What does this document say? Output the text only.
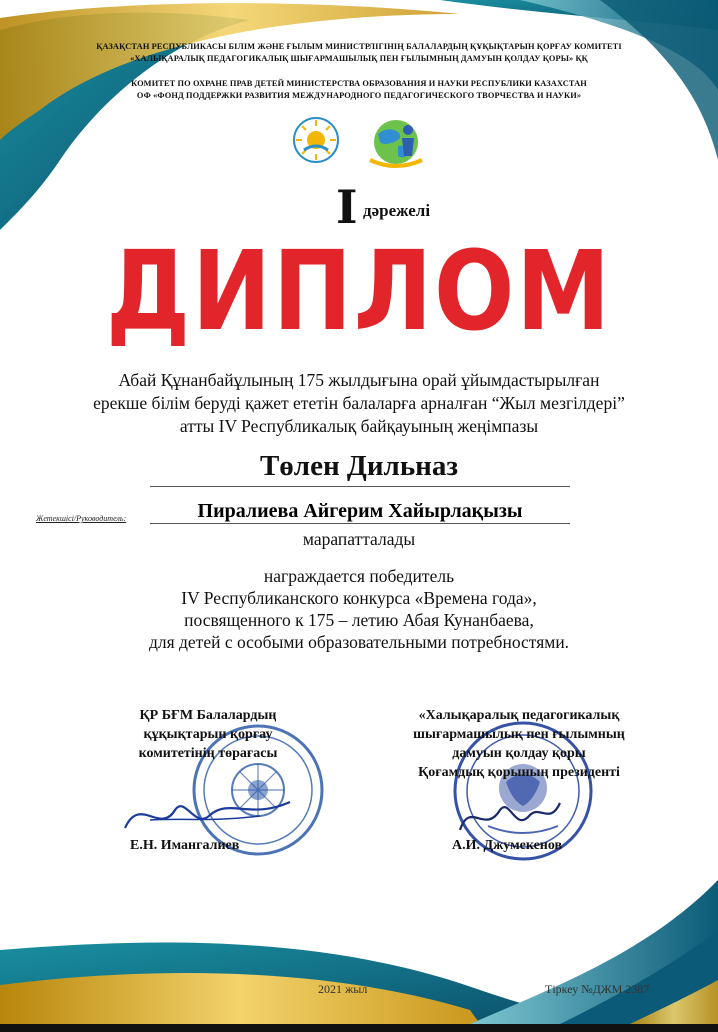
ҚАЗАҚСТАН РЕСПУБЛИКАСЫ БІЛІМ ЖӘНЕ ҒЫЛЫМ МИНИСТРЛІГІНІҢ БАЛАЛАРДЫҢ ҚҰҚЫҚТАРЫН ҚОРҒАУ КОМИТЕТІ
«ХАЛЫҚАРАЛЫҚ ПЕДАГОГИКАЛЫҚ ШЫҒАРМАШЫЛЫҚ ПЕН ҒЫЛЫМНЫҢ ДАМУЫН ҚОЛДАУ ҚОРЫ» ҚҚ
КОМИТЕТ ПО ОХРАНЕ ПРАВ ДЕТЕЙ МИНИСТЕРСТВА ОБРАЗОВАНИЯ И НАУКИ РЕСПУБЛИКИ КАЗАХСТАН
ОФ «ФОНД ПОДДЕРЖКИ РАЗВИТИЯ МЕЖДУНАРОДНОГО ПЕДАГОГИЧЕСКОГО ТВОРЧЕСТВА И НАУКИ»
I дәрежелі
ДИПЛОМ
Абай Құнанбайұлының 175 жылдығына орай ұйымдастырылған
ерекше білім беруді қажет ететін балаларға арналған “Жыл мезгілдері”
атты IV Республикалық байқауының жеңімпазы
Төлен Дильназ
Жетекшісі/Руководитель:	Пиралиева Айгерим Хайырлақызы
марапатталады
награждается победитель
IV Республиканского конкурса «Времена года»,
посвященного к 175 – летию Абая Кунанбаева,
для детей с особыми образовательными потребностями.
ҚР БҒМ Балалардың
құқықтарын қорғау
комитетінің төрағасы
Е.Н. Имангалиев
«Халықаралық педагогикалық
шығармашылық пен ғылымның
дамуын қолдау қоры
Қоғамдық қорының президенті
А.И. Джумекенов
2021 жыл	Тіркеу №ДЖМ 2387
